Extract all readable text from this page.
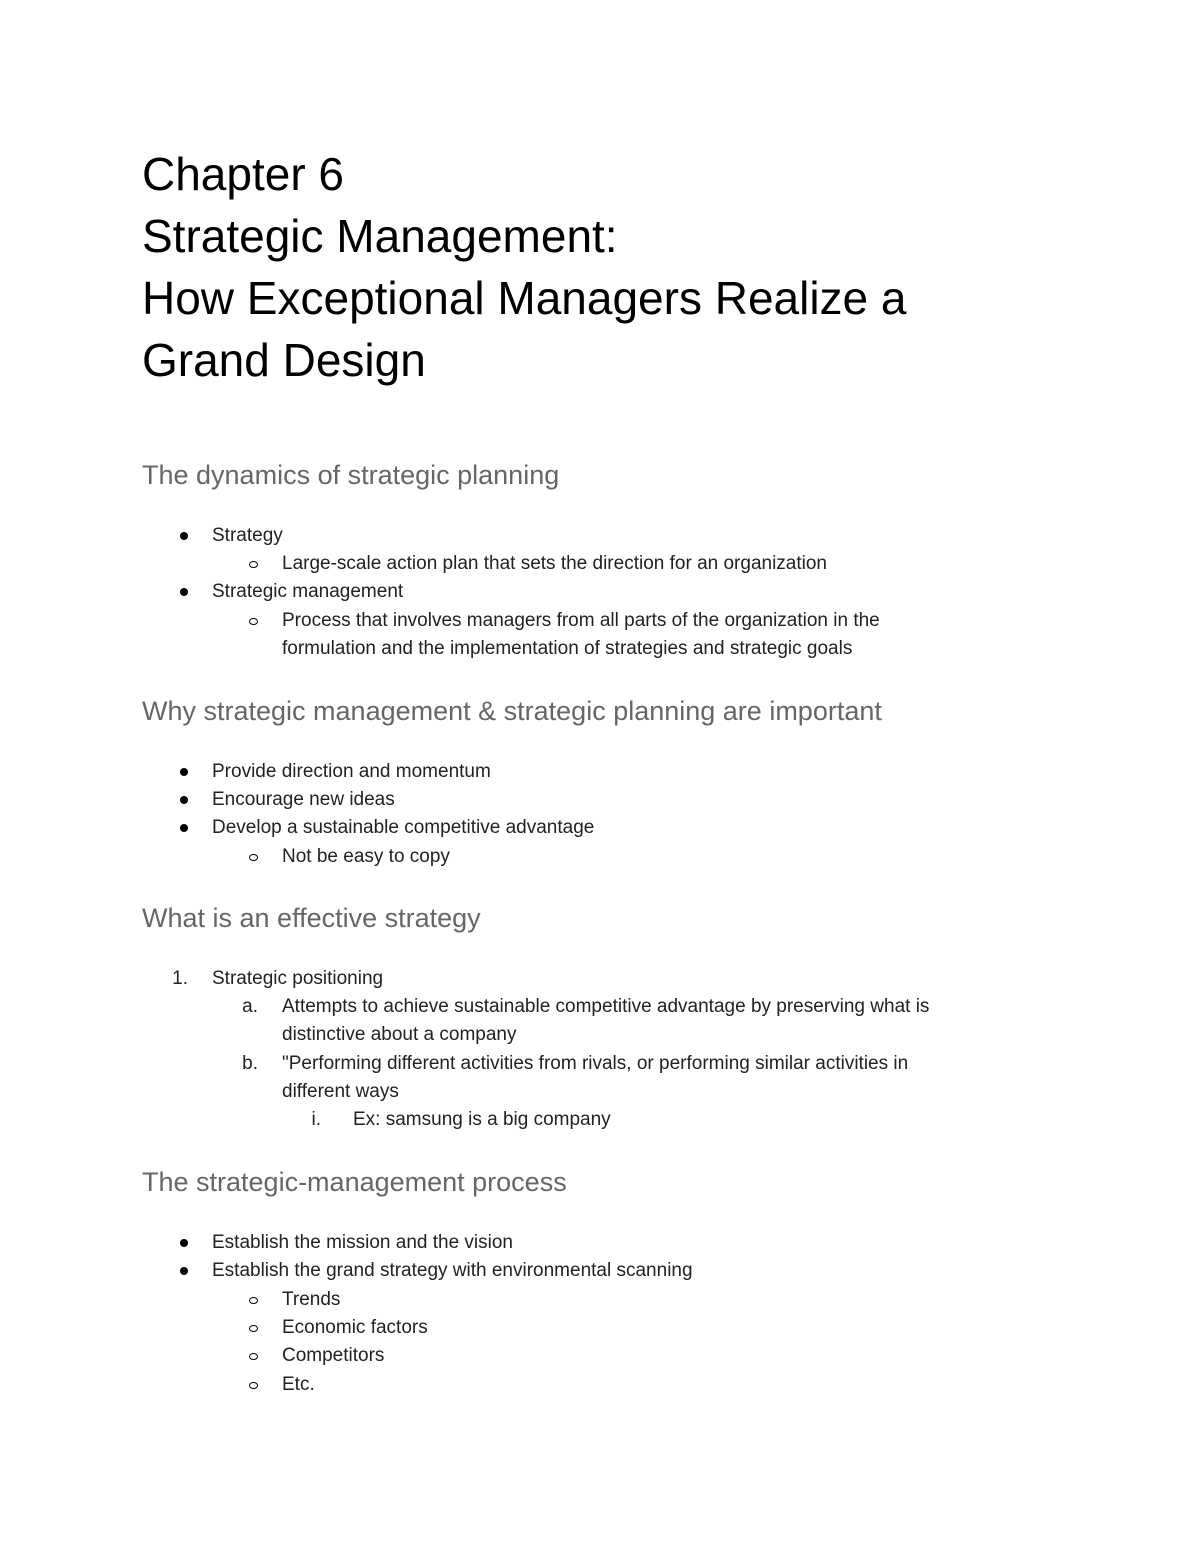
Chapter 6
Strategic Management:
How Exceptional Managers Realize a
Grand Design
The dynamics of strategic planning
Strategy
Large-scale action plan that sets the direction for an organization
Strategic management
Process that involves managers from all parts of the organization in the
formulation and the implementation of strategies and strategic goals
Why strategic management & strategic planning are important
Provide direction and momentum
Encourage new ideas
Develop a sustainable competitive advantage
Not be easy to copy
What is an effective strategy
1. Strategic positioning
a. Attempts to achieve sustainable competitive advantage by preserving what is
distinctive about a company
b. "Performing different activities from rivals, or performing similar activities in
different ways
i. Ex: samsung is a big company
The strategic-management process
Establish the mission and the vision
Establish the grand strategy with environmental scanning
Trends
Economic factors
Competitors
Etc.
